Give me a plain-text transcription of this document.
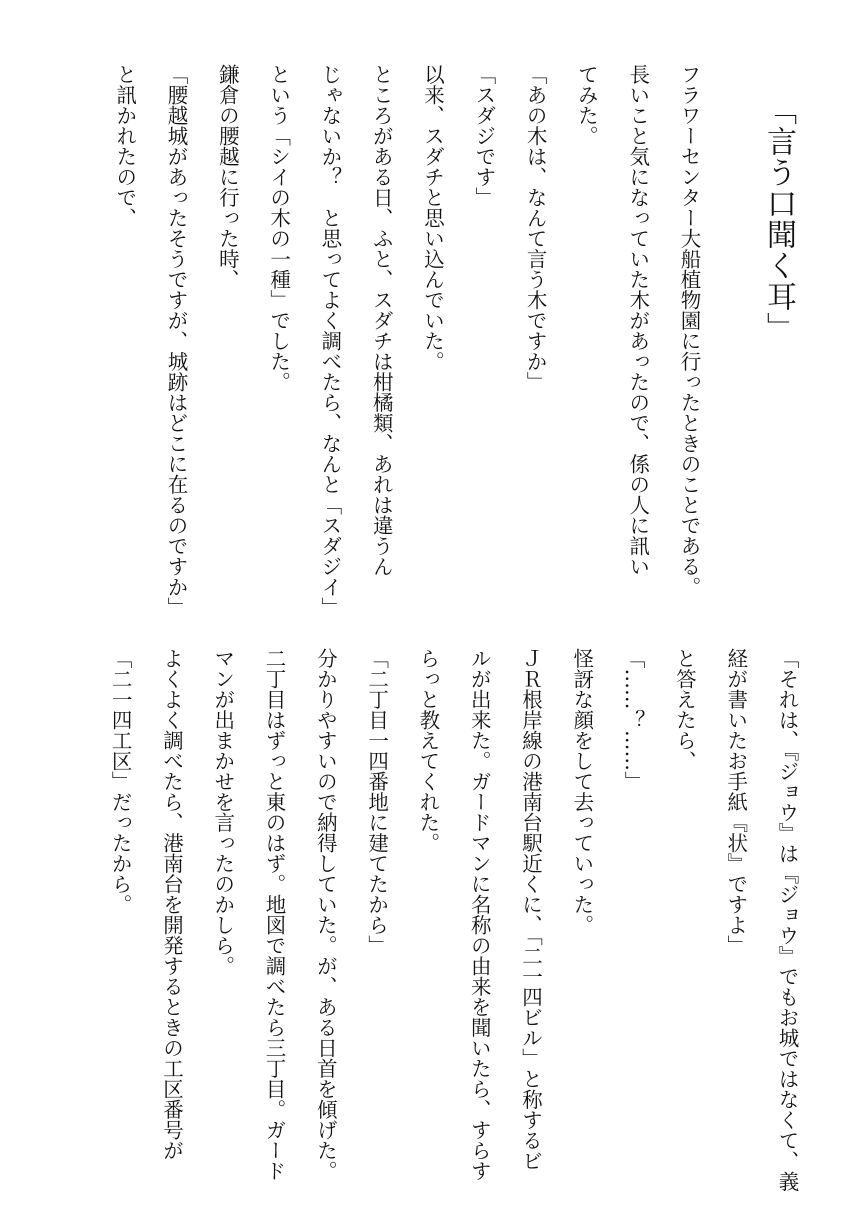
「言う口聞く耳」
フラワーセンター大船植物園に行ったときのことである。
長いこと気になっていた木があったので、係の人に訊い
てみた。
「あの木は、なんて言う木ですか」
「スダジです」
以来、スダチと思い込んでいた。
ところがある日、ふと、スダチは柑橘類、あれは違うん
じゃないか？　と思ってよく調べたら、なんと「スダジイ」
という「シイの木の一種」でした。
鎌倉の腰越に行った時、
「腰越城があったそうですが、城跡はどこに在るのですか」
と訊かれたので、
「それは、『ジョウ』は『ジョウ』でもお城ではなくて、義
経が書いたお手紙『状』ですよ」
と答えたら、
「……？……」
怪訝な顔をして去っていった。
ＪＲ根岸線の港南台駅近くに、「二一四ビル」と称するビ
ルが出来た。ガードマンに名称の由来を聞いたら、すらす
らっと教えてくれた。
「二丁目一四番地に建てたから」
分かりやすいので納得していた。が、ある日首を傾げた。
二丁目はずっと東のはず。地図で調べたら三丁目。ガード
マンが出まかせを言ったのかしら。
よくよく調べたら、港南台を開発するときの工区番号が
「二一四工区」だったから。
